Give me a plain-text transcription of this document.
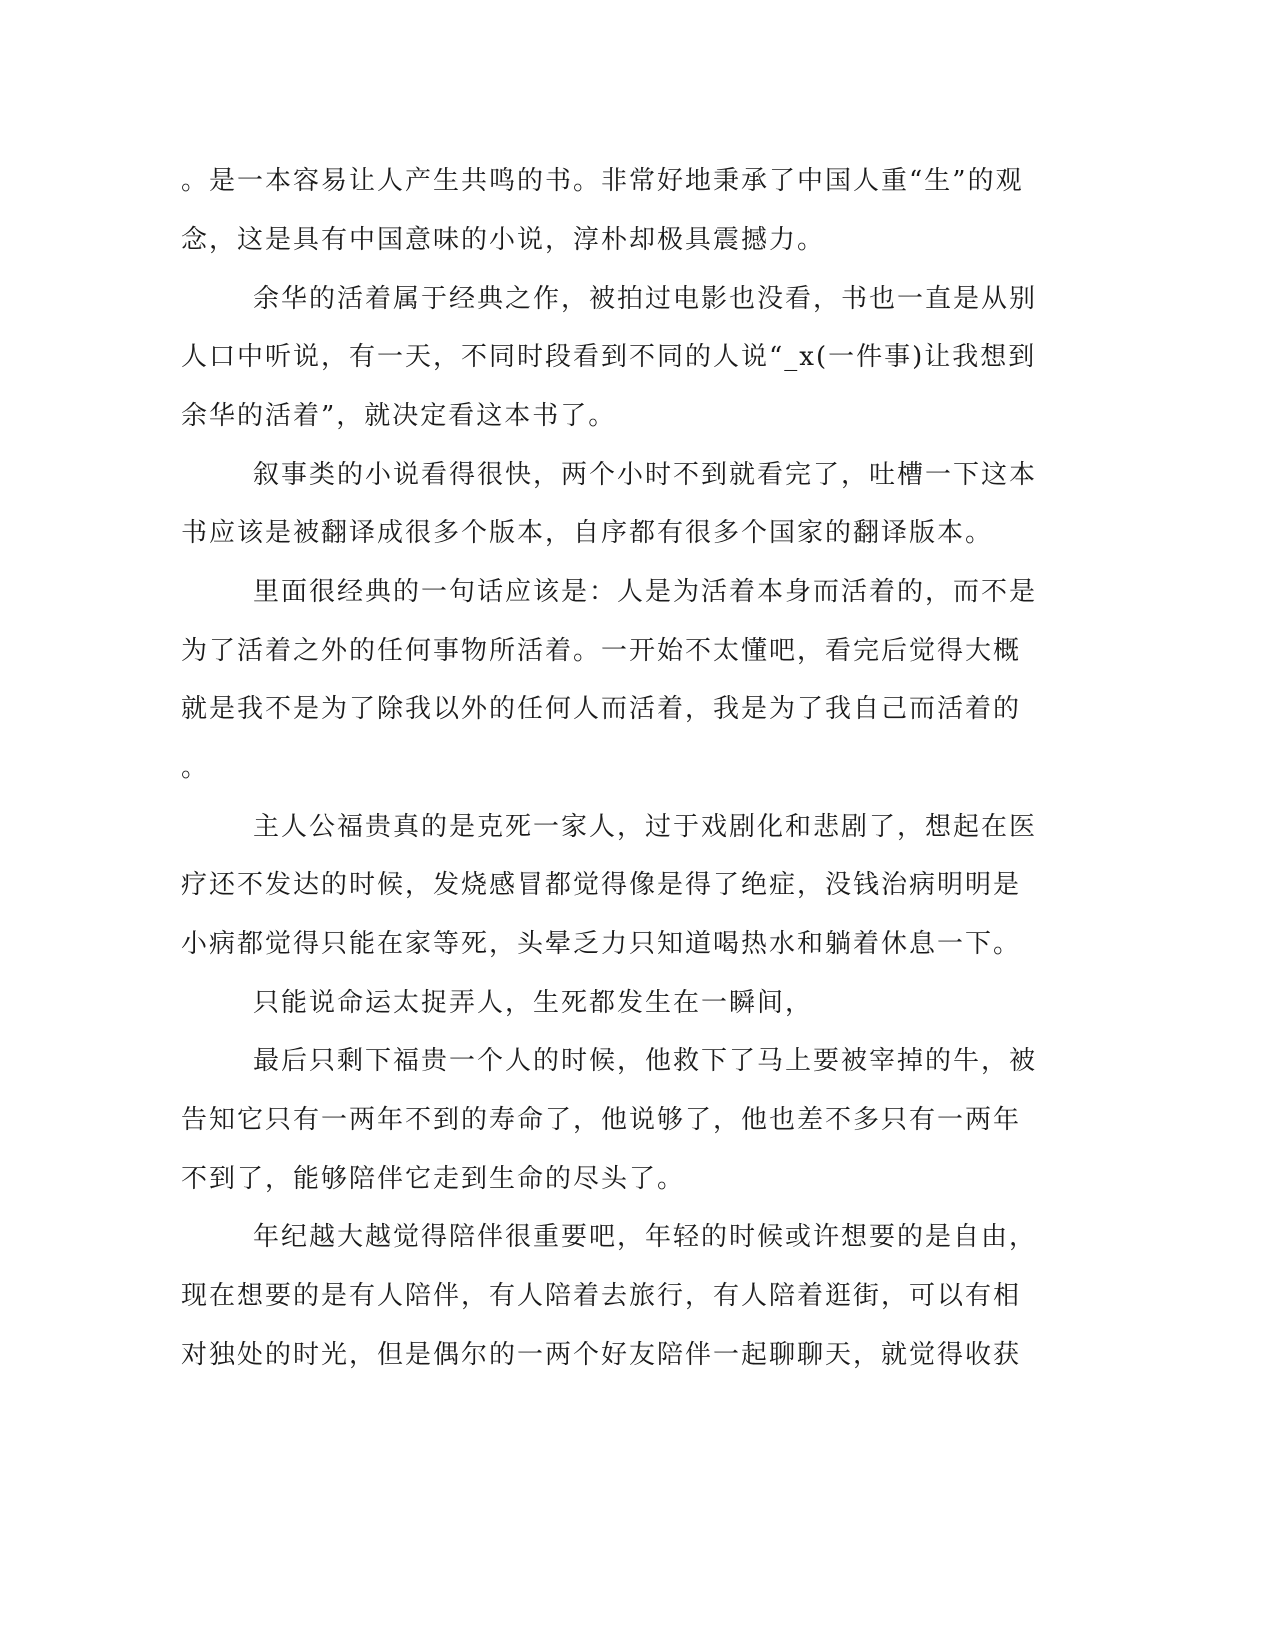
。是一本容易让人产生共鸣的书。非常好地秉承了中国人重“生”的观
念，这是具有中国意味的小说，淳朴却极具震撼力。
余华的活着属于经典之作，被拍过电影也没看，书也一直是从别
人口中听说，有一天，不同时段看到不同的人说“_x(一件事)让我想到
余华的活着”，就决定看这本书了。
叙事类的小说看得很快，两个小时不到就看完了，吐槽一下这本
书应该是被翻译成很多个版本，自序都有很多个国家的翻译版本。
里面很经典的一句话应该是：人是为活着本身而活着的，而不是
为了活着之外的任何事物所活着。一开始不太懂吧，看完后觉得大概
就是我不是为了除我以外的任何人而活着，我是为了我自己而活着的
。
主人公福贵真的是克死一家人，过于戏剧化和悲剧了，想起在医
疗还不发达的时候，发烧感冒都觉得像是得了绝症，没钱治病明明是
小病都觉得只能在家等死，头晕乏力只知道喝热水和躺着休息一下。
只能说命运太捉弄人，生死都发生在一瞬间，
最后只剩下福贵一个人的时候，他救下了马上要被宰掉的牛，被
告知它只有一两年不到的寿命了，他说够了，他也差不多只有一两年
不到了，能够陪伴它走到生命的尽头了。
年纪越大越觉得陪伴很重要吧，年轻的时候或许想要的是自由，
现在想要的是有人陪伴，有人陪着去旅行，有人陪着逛街，可以有相
对独处的时光，但是偶尔的一两个好友陪伴一起聊聊天，就觉得收获
